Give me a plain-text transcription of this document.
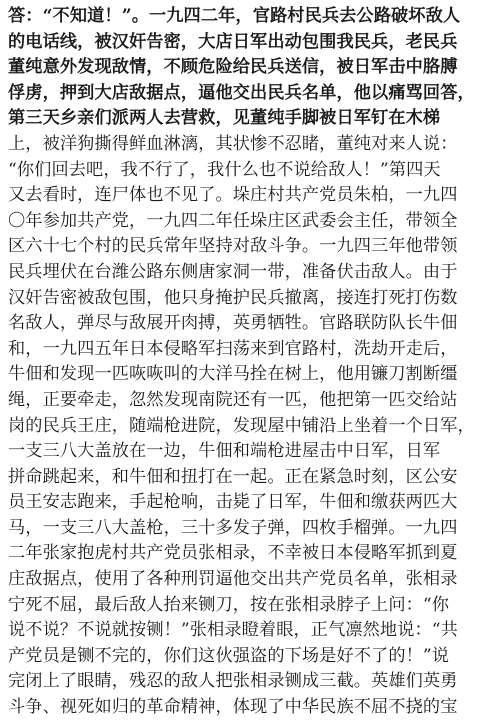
答：“不知道！”。一九四二年，官路村民兵去公路破坏敌人
的电话线，被汉奸告密，大店日军出动包围我民兵，老民兵
董纯意外发现敌情，不顾危险给民兵送信，被日军击中胳膊
俘虏，押到大店敌据点，逼他交出民兵名单，他以痛骂回答，
第三天乡亲们派两人去营救，见董纯手脚被日军钉在木梯
上，被洋狗撕得鲜血淋漓，其状惨不忍睹，董纯对来人说：
“你们回去吧，我不行了，我什么也不说给敌人！”第四天
又去看时，连尸体也不见了。垛庄村共产党员朱柏，一九四
〇年参加共产党，一九四二年任垛庄区武委会主任，带领全
区六十七个村的民兵常年坚持对敌斗争。一九四三年他带领
民兵埋伏在台潍公路东侧唐家洞一带，准备伏击敌人。由于
汉奸告密被敌包围，他只身掩护民兵撤离，接连打死打伤数
名敌人，弹尽与敌展开肉搏，英勇牺牲。官路联防队长牛佃
和，一九四五年日本侵略军扫荡来到官路村，洗劫开走后，
牛佃和发现一匹咴咴叫的大洋马拴在树上，他用镰刀割断缰
绳，正要牵走，忽然发现南院还有一匹，他把第一匹交给站
岗的民兵王庄，随端枪进院，发现屋中铺沿上坐着一个日军，
一支三八大盖放在一边，牛佃和端枪进屋击中日军，日军
拼命跳起来，和牛佃和扭打在一起。正在紧急时刻，区公安
员王安志跑来，手起枪响，击毙了日军，牛佃和缴获两匹大
马，一支三八大盖枪，三十多发子弹，四枚手榴弹。一九四
二年张家抱虎村共产党员张相录，不幸被日本侵略军抓到夏
庄敌据点，使用了各种刑罚逼他交出共产党员名单，张相录
宁死不屈，最后敌人抬来铡刀，按在张相录脖子上问：“你
说不说？不说就按铡！”张相录瞪着眼，正气凛然地说：“共
产党员是铡不完的，你们这伙强盗的下场是好不了的！”说
完闭上了眼睛，残忍的敌人把张相录铡成三截。英雄们英勇
斗争、视死如归的革命精神，体现了中华民族不屈不挠的宝
